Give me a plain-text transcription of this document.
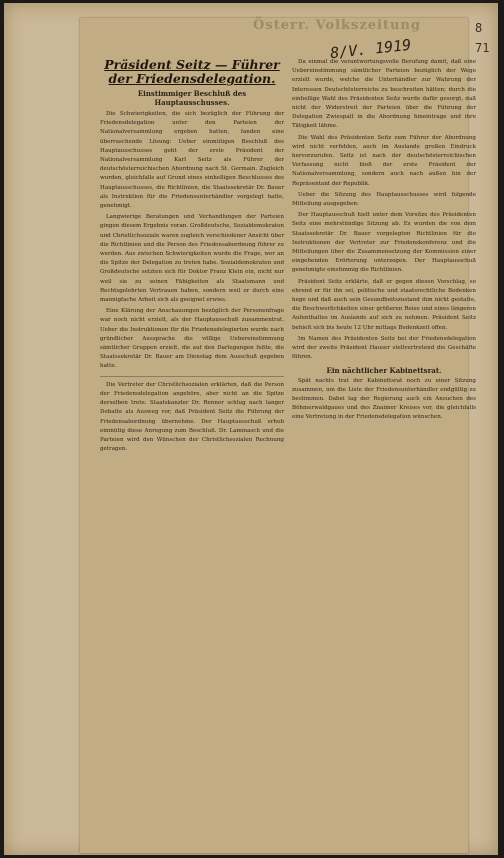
8
71
Österr. Volkszeitung
8/V. 1919
Präsident Seitz — Führer der Friedensdelegation.
Einstimmiger Beschluß des Hauptausschusses.

Die Schwierigkeiten, die sich bezüglich der Führung der Friedensdelegation unter den Parteien der Nationalversammlung ergeben hatten, fanden eine überraschende Lösung: Ueber einmütigen Beschluß des Hauptausschusses geht der erste Präsident der Nationalversammlung Karl Seitz als Führer der deutschösterreichischen Abordnung nach St. Germain. Zugleich wurden, gleichfalls auf Grund eines einhelligen Beschlusses des Hauptausschusses, die Richtlinien, die Staatssekretär Dr. Bauer als Instruktion für die Friedensunterhändler vorgelegt hatte, genehmigt.

Langwierige Beratungen und Verhandlungen der Parteien gingen diesem Ergebnis voran. Großdeutsche, Sozialdemokraten und Christlichsoziale waren zugleich verschiedener Ansicht über die Richtlinien und die Person des Friedensabordnung führer zu werden. Aus zwischen Schwierigkeiten wurde die Frage, wer an die Spitze der Delegation zu treten habe. Sozialdemokraten und Großdeutsche setzten sich für Doktor Franz Klein ein, nicht nur weil sie zu seinen Fähigkeiten als Staatsmann und Rechtsgelehrten Vertrauen haben, sondern weil er durch eine mannigfache Arbeit sich als geeignet erwies.

Eine Klärung der Anschauungen bezüglich der Personenfrage war noch nicht erzielt, als der Hauptausschuß zusammentrat. Ueber die Instruktionen für die Friedensdelegierten wurde nach gründlicher Aussprache die völlige Uebereinstimmung sämtlicher Gruppen erzielt, die auf den Darlegungen fußte, die Staatssekretär Dr. Bauer am Dienstag dem Ausschuß gegeben hatte.

Die Vertreter der Christlichsozialen erklärten, daß die Person der Friedensdelegation angehöre, aber nicht an die Spitze derselben trete. Staatskanzler Dr. Renner schlug nach langer Debatte als Ausweg vor, daß Präsident Seitz die Führung der Friedensabordnung übernehme. Der Hauptausschuß erhob einmütig diese Anregung zum Beschluß. Dr. Lammasch und die Parteien wird den Wünschen der Christlichsozialen Rechnung getragen.

Da einmal die verantwortungsvolle Berufung damit, daß eine Uebereinstimmung sämtlicher Parteien bezüglich der Wege erzielt wurde, welche die Unterhändler zur Wahrung der Interessen Deutschösterreichs zu beschreiten hätten; durch die einhellige Wahl des Präsidenten Seitz wurde dafür gesorgt, daß nicht der Widerstreit der Parteien über die Führung der Delegation Zwiespalt in die Abordnung hineintrage und ihre Tätigkeit lähme.

Die Wahl des Präsidenten Seitz zum Führer der Abordnung wird nicht verfehlen, auch im Auslande großen Eindruck hervorzurufen. Seitz ist nach der deutschösterreichischen Verfassung nicht bloß der erste Präsident der Nationalversammlung, sondern auch nach außen hin der Repräsentant der Republik.

Ueber die Sitzung des Hauptausschusses wird folgende Mitteilung ausgegeben:

Der Hauptausschuß hielt unter dem Vorsitze des Präsidenten Seitz eine mehrstündige Sitzung ab. Es wurden die von dem Staatssekretär Dr. Bauer vorgelegten Richtlinien für die Instruktionen der Vertreter zur Friedenskonferenz und die Mitteilungen über die Zusammensetzung der Kommission einer eingehenden Erörterung unterzogen. Der Hauptausschuß genehmigte einstimmig die Richtlinien.

Präsident Seitz erklärte, daß er gegen diesen Vorschlag, so ehrend er für ihn sei, politische und staatsrechtliche Bedenken hege und daß auch sein Gesundheitszustand ihm nicht gestatte, die Beschwerlichkeiten einer größeren Reise und eines längeren Aufenthaltes im Auslande auf sich zu nehmen. Präsident Seitz behielt sich bis heute 12 Uhr mittags Bedenkzeit offen.

Im Namen des Präsidenten Seitz bei der Friedensdelegation wird der zweite Präsident Hauser stellvertretend die Geschäfte führen.

Ein nächtlicher Kabinettsrat.

Spät nachts trat der Kabinettsrat noch zu einer Sitzung zusammen, um die Liste der Friedensunterhändler endgültig zu bestimmen. Dabei lag der Regierung auch ein Ansuchen des Böhmerwaldgaues und des Znaimer Kreises vor, die gleichfalls eine Vertretung in der Friedensdelegation wünschen.
